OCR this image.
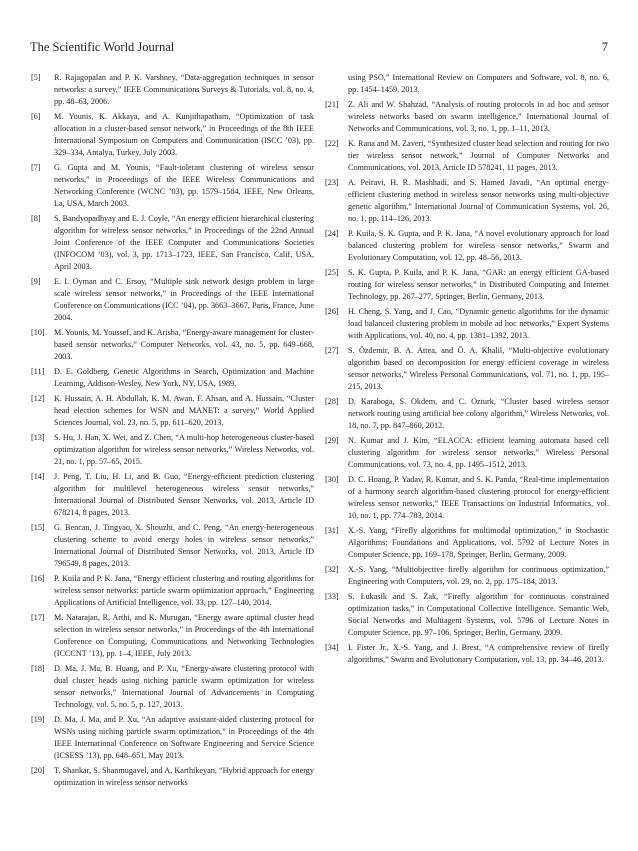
The Scientific World Journal	7
[5] R. Rajagopalan and P. K. Varshney, “Data-aggregation techniques in sensor networks: a survey,” IEEE Communications Surveys & Tutorials, vol. 8, no. 4, pp. 48–63, 2006.
[6] M. Younis, K. Akkaya, and A. Kunjithapatham, “Optimization of task allocation in a cluster-based sensor network,” in Proceedings of the 8th IEEE International Symposium on Computers and Communication (ISCC ’03), pp. 329–334, Antalya, Turkey, July 2003.
[7] G. Gupta and M. Younis, “Fault-tolerant clustering of wireless sensor networks,” in Proceedings of the IEEE Wireless Communications and Networking Conference (WCNC ’03), pp. 1579–1584, IEEE, New Orleans, La, USA, March 2003.
[8] S. Bandyopadhyay and E. J. Coyle, “An energy efficient hierarchical clustering algorithm for wireless sensor networks,” in Proceedings of the 22nd Annual Joint Conference of the IEEE Computer and Communications Societies (INFOCOM ’03), vol. 3, pp. 1713–1723, IEEE, San Francisco, Calif, USA, April 2003.
[9] E. I. Oyman and C. Ersoy, “Multiple sink network design problem in large scale wireless sensor networks,” in Proceedings of the IEEE International Conference on Communications (ICC ’04), pp. 3663–3667, Paris, France, June 2004.
[10] M. Younis, M. Youssef, and K. Arisha, “Energy-aware management for cluster-based sensor networks,” Computer Networks, vol. 43, no. 5, pp. 649–668, 2003.
[11] D. E. Goldberg, Genetic Algorithms in Search, Optimization and Machine Learning, Addison-Wesley, New York, NY, USA, 1989.
[12] K. Hussain, A. H. Abdullah, K. M. Awan, F. Ahsan, and A. Hussain, “Cluster head election schemes for WSN and MANET: a survey,” World Applied Sciences Journal, vol. 23, no. 5, pp. 611–620, 2013.
[13] S. Hu, J. Han, X. Wei, and Z. Chen, “A multi-hop heterogeneous cluster-based optimization algorithm for wireless sensor networks,” Wireless Networks, vol. 21, no. 1, pp. 57–65, 2015.
[14] J. Peng, T. Liu, H. Li, and B. Guo, “Energy-efficient prediction clustering algorithm for multilevel heterogeneous wireless sensor networks,” International Journal of Distributed Sensor Networks, vol. 2013, Article ID 678214, 8 pages, 2013.
[15] G. Bencan, J. Tingyao, X. Shouzhi, and C. Peng, “An energy-heterogeneous clustering scheme to avoid energy holes in wireless sensor networks,” International Journal of Distributed Sensor Networks, vol. 2013, Article ID 796549, 8 pages, 2013.
[16] P. Kuila and P. K. Jana, “Energy efficient clustering and routing algorithms for wireless sensor networks: particle swarm optimization approach,” Engineering Applications of Artificial Intelligence, vol. 33, pp. 127–140, 2014.
[17] M. Natarajan, R. Arthi, and K. Murugan, “Energy aware optimal cluster head selection in wireless sensor networks,” in Proceedings of the 4th International Conference on Computing, Communications and Networking Technologies (ICCCNT ’13), pp. 1–4, IEEE, July 2013.
[18] D. Ma, J. Ma, B. Huang, and P. Xu, “Energy-aware clustering protocol with dual cluster heads using niching particle swarm optimization for wireless sensor networks,” International Journal of Advancements in Computing Technology, vol. 5, no. 5, p. 127, 2013.
[19] D. Ma, J. Ma, and P. Xu, “An adaptive assistant-aided clustering protocol for WSNs using niching particle swarm optimization,” in Proceedings of the 4th IEEE International Conference on Software Engineering and Service Science (ICSESS ’13), pp. 648–651, May 2013.
[20] T. Shankar, S. Shanmugavel, and A. Karthikeyan, “Hybrid approach for energy optimization in wireless sensor networks
using PSO,” International Review on Computers and Software, vol. 8, no. 6, pp. 1454–1459, 2013.
[21] Z. Ali and W. Shahzad, “Analysis of routing protocols in ad hoc and sensor wireless networks based on swarm intelligence,” International Journal of Networks and Communications, vol. 3, no. 1, pp. 1–11, 2013.
[22] K. Rana and M. Zaveri, “Synthesized cluster head selection and routing for two tier wireless sensor network,” Journal of Computer Networks and Communications, vol. 2013, Article ID 578241, 11 pages, 2013.
[23] A. Peiravi, H. R. Mashhadi, and S. Hamed Javadi, “An optimal energy-efficient clustering method in wireless sensor networks using multi-objective genetic algorithm,” International Journal of Communication Systems, vol. 26, no. 1, pp. 114–126, 2013.
[24] P. Kuila, S. K. Gupta, and P. K. Jana, “A novel evolutionary approach for load balanced clustering problem for wireless sensor networks,” Swarm and Evolutionary Computation, vol. 12, pp. 48–56, 2013.
[25] S. K. Gupta, P. Kuila, and P. K. Jana, “GAR: an energy efficient GA-based routing for wireless sensor networks,” in Distributed Computing and Internet Technology, pp. 267–277, Springer, Berlin, Germany, 2013.
[26] H. Cheng, S. Yang, and J. Cao, “Dynamic genetic algorithms for the dynamic load balanced clustering problem in mobile ad hoc networks,” Expert Systems with Applications, vol. 40, no. 4, pp. 1381–1392, 2013.
[27] S. Özdemir, B. A. Attea, and Ö. A. Khalil, “Multi-objective evolutionary algorithm based on decomposition for energy efficient coverage in wireless sensor networks,” Wireless Personal Communications, vol. 71, no. 1, pp. 195–215, 2013.
[28] D. Karaboga, S. Okdem, and C. Ozturk, “Cluster based wireless sensor network routing using artificial bee colony algorithm,” Wireless Networks, vol. 18, no. 7, pp. 847–860, 2012.
[29] N. Kumar and J. Kim, “ELACCA: efficient learning automata based cell clustering algorithm for wireless sensor networks,” Wireless Personal Communications, vol. 73, no. 4, pp. 1495–1512, 2013.
[30] D. C. Hoang, P. Yadav, R. Kumar, and S. K. Panda, “Real-time implementation of a harmony search algorithm-based clustering protocol for energy-efficient wireless sensor networks,” IEEE Transactions on Industrial Informatics, vol. 10, no. 1, pp. 774–783, 2014.
[31] X.-S. Yang, “Firefly algorithms for multimodal optimization,” in Stochastic Algorithms: Foundations and Applications, vol. 5792 of Lecture Notes in Computer Science, pp. 169–178, Springer, Berlin, Germany, 2009.
[32] X.-S. Yang, “Multiobjective firefly algorithm for continuous optimization,” Engineering with Computers, vol. 29, no. 2, pp. 175–184, 2013.
[33] S. Łukasik and S. Żak, “Firefly algorithm for continuous constrained optimization tasks,” in Computational Collective Intelligence. Semantic Web, Social Networks and Multiagent Systems, vol. 5796 of Lecture Notes in Computer Science, pp. 97–106, Springer, Berlin, Germany, 2009.
[34] I. Fister Jr., X.-S. Yang, and J. Brest, “A comprehensive review of firefly algorithms,” Swarm and Evolutionary Computation, vol. 13, pp. 34–46, 2013.
